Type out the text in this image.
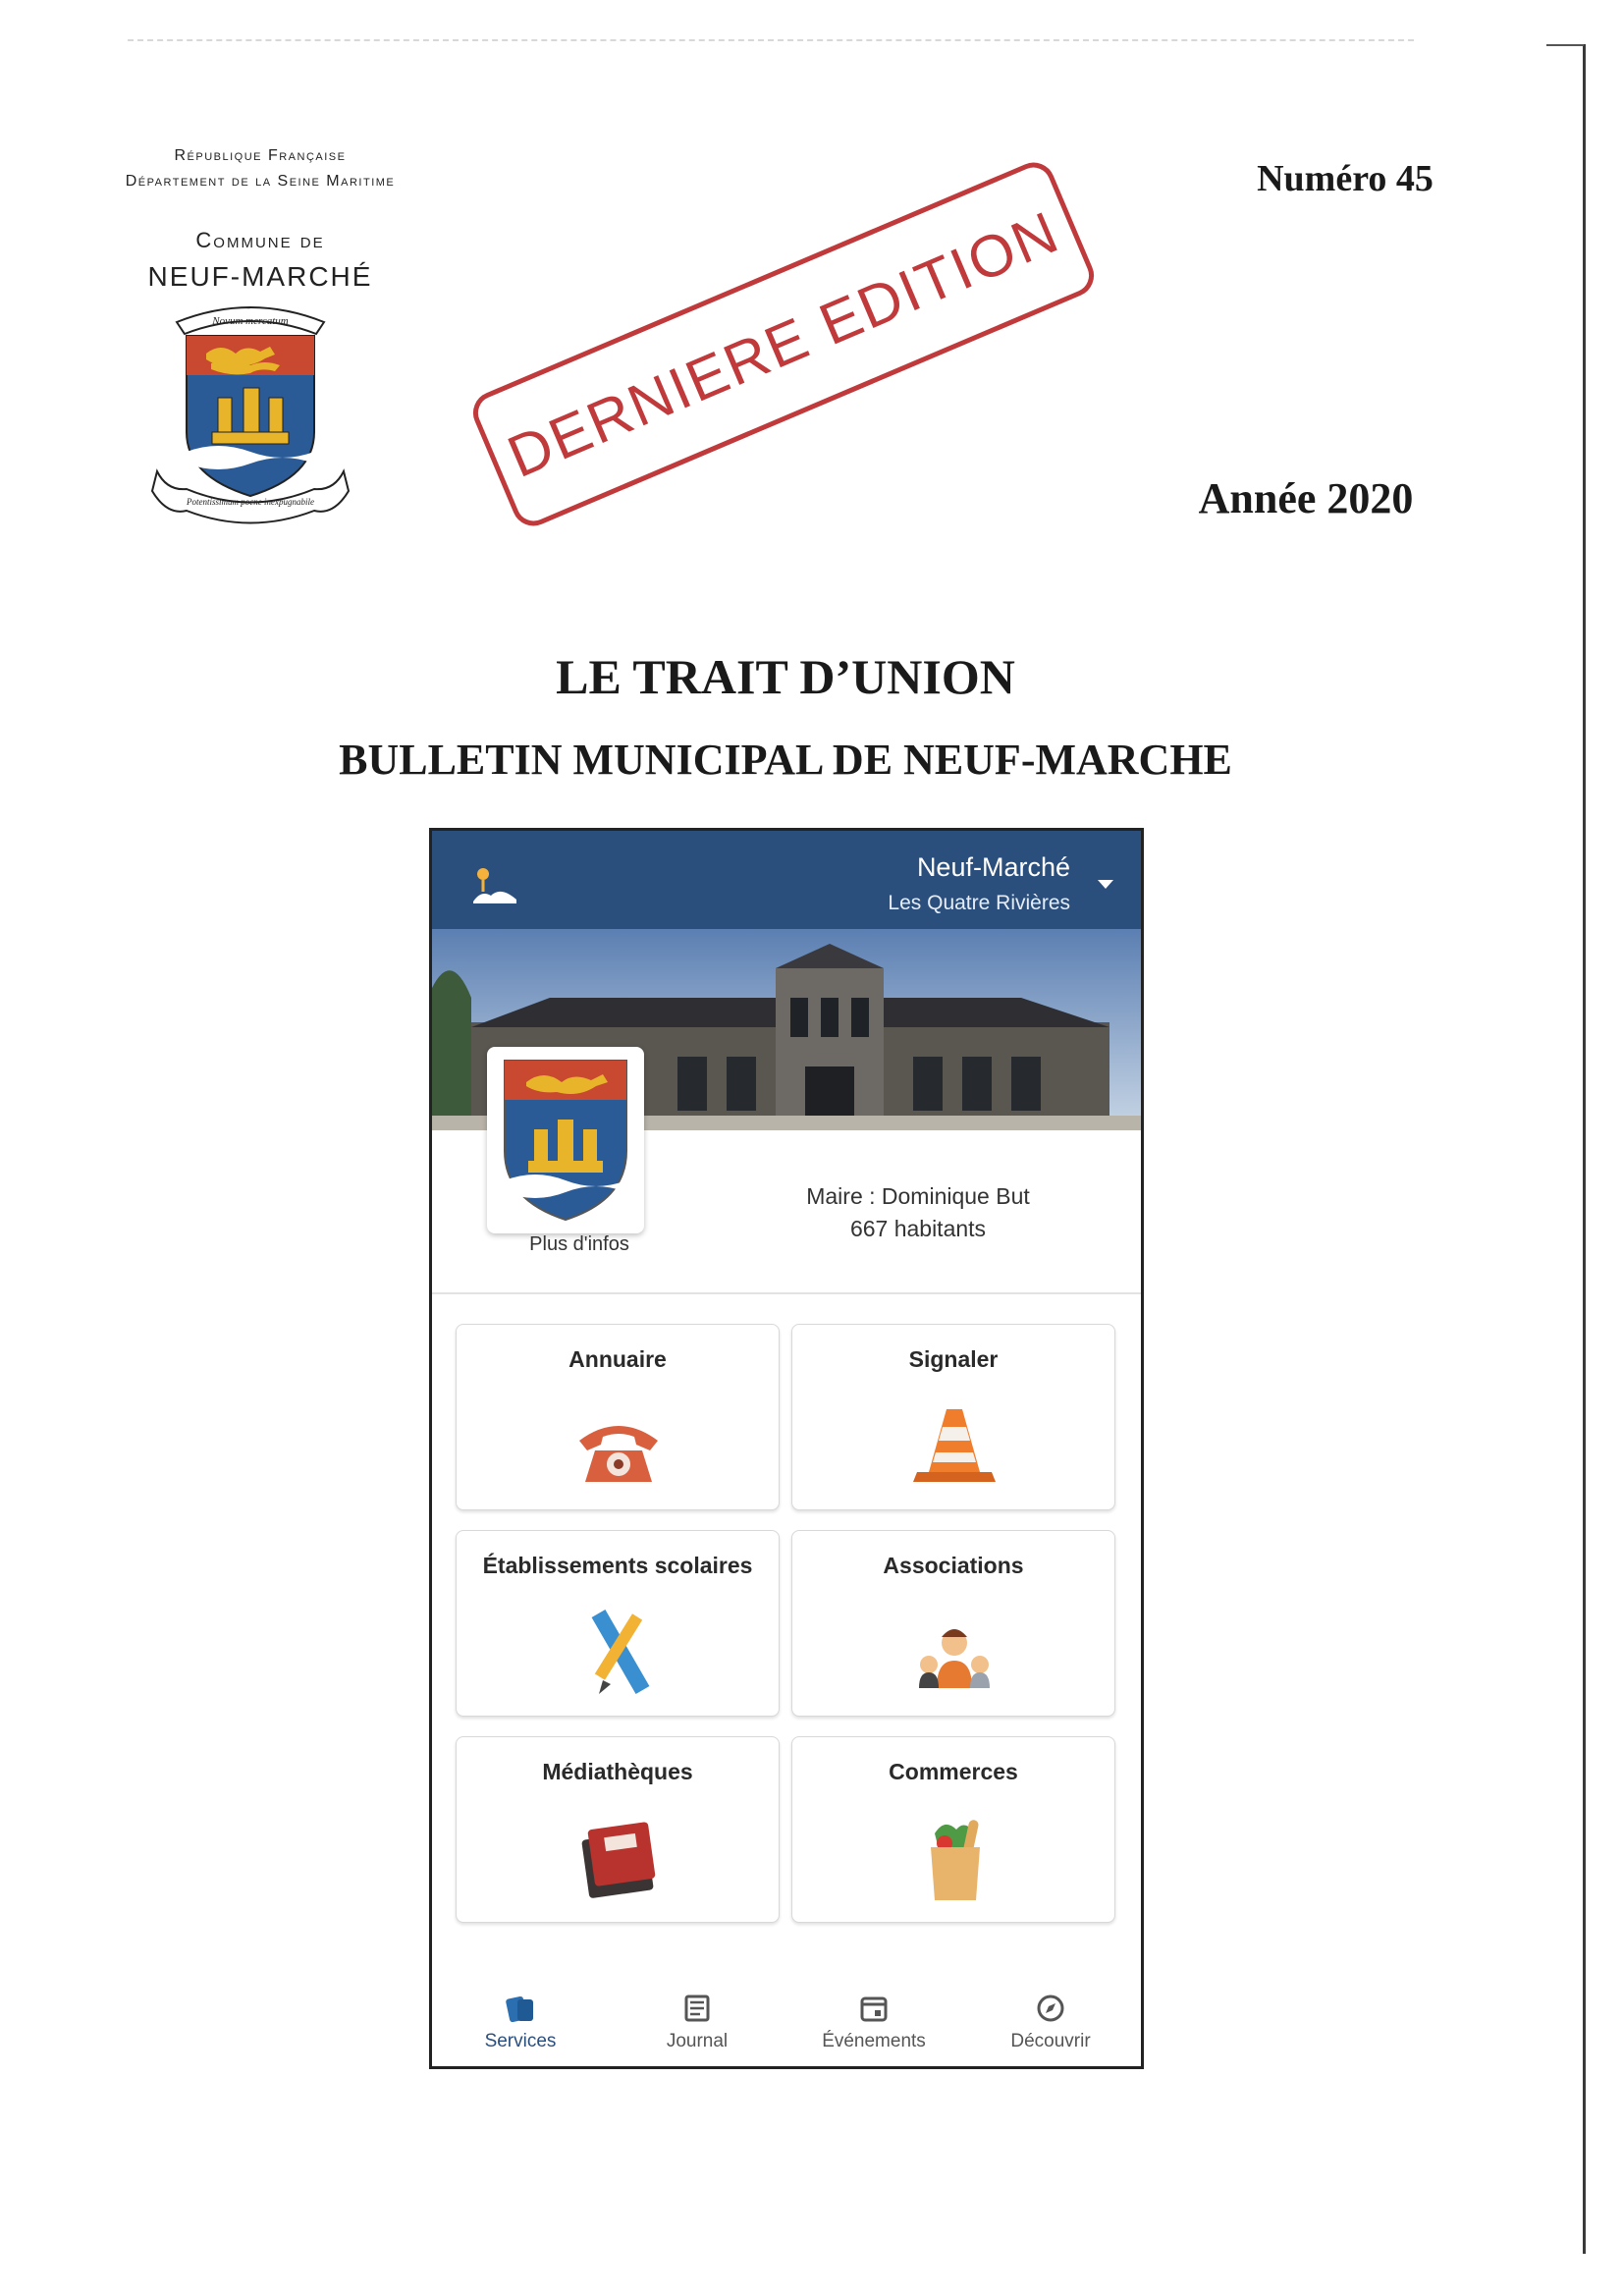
République Française
Département de la Seine Maritime
Commune de
NEUF-MARCHÉ
Novum mercatum
Potentissimum pocne inexpugnabile
DERNIERE EDITION
Numéro 45
Année 2020
LE TRAIT D’UNION
BULLETIN MUNICIPAL DE NEUF-MARCHE
Neuf-Marché
Les Quatre Rivières
Plus d'infos
Maire : Dominique But
667 habitants
Annuaire	Signaler
Établissements scolaires	Associations
Médiathèques	Commerces
Services	Journal	Événements	Découvrir
